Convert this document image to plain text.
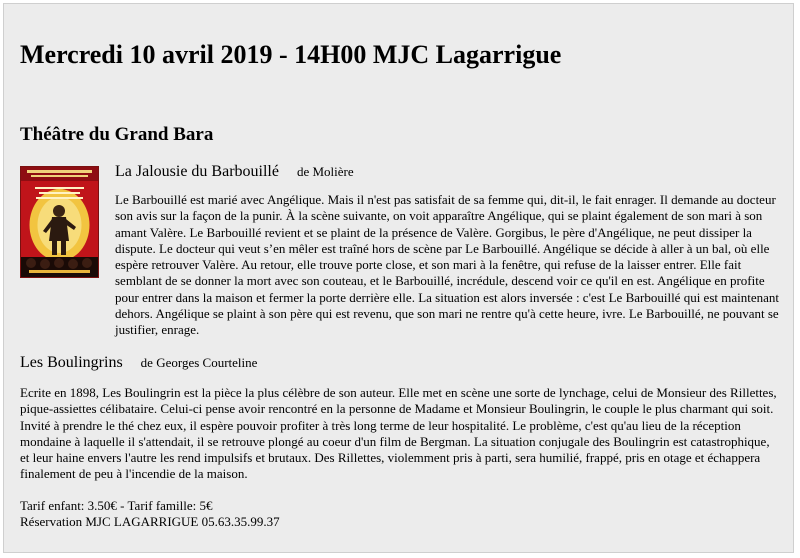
Mercredi 10 avril 2019 - 14H00 MJC Lagarrigue
Théâtre du Grand Bara
La Jalousie du Barbouillé de Molière

Le Barbouillé est marié avec Angélique. Mais il n'est pas satisfait de sa femme qui, dit-il, le fait enrager. Il demande au docteur son avis sur la façon de la punir. À la scène suivante, on voit apparaître Angélique, qui se plaint également de son mari à son amant Valère. Le Barbouillé revient et se plaint de la présence de Valère. Gorgibus, le père d'Angélique, ne peut dissiper la dispute. Le docteur qui veut s’en mêler est traîné hors de scène par Le Barbouillé. Angélique se décide à aller à un bal, où elle espère retrouver Valère. Au retour, elle trouve porte close, et son mari à la fenêtre, qui refuse de la laisser entrer. Elle fait semblant de se donner la mort avec son couteau, et le Barbouillé, incrédule, descend voir ce qu'il en est. Angélique en profite pour entrer dans la maison et fermer la porte derrière elle. La situation est alors inversée : c'est Le Barbouillé qui est maintenant dehors. Angélique se plaint à son père qui est revenu, que son mari ne rentre qu'à cette heure, ivre. Le Barbouillé, ne pouvant se justifier, enrage.

Les Boulingrins de Georges Courteline

Ecrite en 1898, Les Boulingrin est la pièce la plus célèbre de son auteur. Elle met en scène une sorte de lynchage, celui de Monsieur des Rillettes, pique-assiettes célibataire. Celui-ci pense avoir rencontré en la personne de Madame et Monsieur Boulingrin, le couple le plus charmant qui soit. Invité à prendre le thé chez eux, il espère pouvoir profiter à très long terme de leur hospitalité. Le problème, c'est qu'au lieu de la réception mondaine à laquelle il s'attendait, il se retrouve plongé au coeur d'un film de Bergman. La situation conjugale des Boulingrin est catastrophique, et leur haine envers l'autre les rend impulsifs et brutaux. Des Rillettes, violemment pris à parti, sera humilié, frappé, pris en otage et échappera finalement de peu à l'incendie de la maison.

Tarif enfant: 3.50€ - Tarif famille: 5€
Réservation MJC LAGARRIGUE 05.63.35.99.37
